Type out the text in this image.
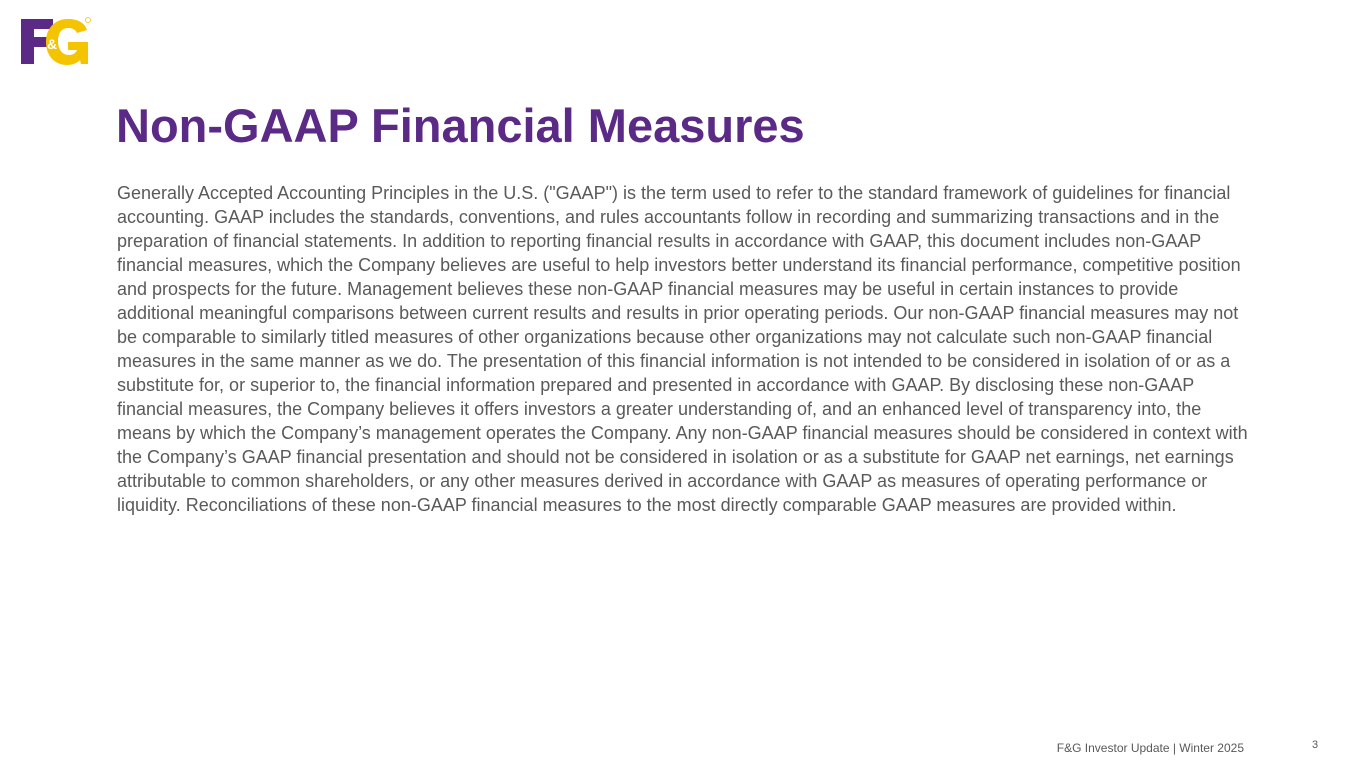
&
Non-GAAP Financial Measures

Generally Accepted Accounting Principles in the U.S. ("GAAP") is the term used to refer to the standard framework of guidelines for financial accounting. GAAP includes the standards, conventions, and rules accountants follow in recording and summarizing transactions and in the preparation of financial statements. In addition to reporting financial results in accordance with GAAP, this document includes non-GAAP financial measures, which the Company believes are useful to help investors better understand its financial performance, competitive position and prospects for the future. Management believes these non-GAAP financial measures may be useful in certain instances to provide additional meaningful comparisons between current results and results in prior operating periods. Our non-GAAP financial measures may not be comparable to similarly titled measures of other organizations because other organizations may not calculate such non-GAAP financial measures in the same manner as we do. The presentation of this financial information is not intended to be considered in isolation of or as a substitute for, or superior to, the financial information prepared and presented in accordance with GAAP. By disclosing these non-GAAP financial measures, the Company believes it offers investors a greater understanding of, and an enhanced level of transparency into, the means by which the Company’s management operates the Company. Any non-GAAP financial measures should be considered in context with the Company’s GAAP financial presentation and should not be considered in isolation or as a substitute for GAAP net earnings, net earnings attributable to common shareholders, or any other measures derived in accordance with GAAP as measures of operating performance or liquidity. Reconciliations of these non-GAAP financial measures to the most directly comparable GAAP measures are provided within.

F&G Investor Update | Winter 2025	3
